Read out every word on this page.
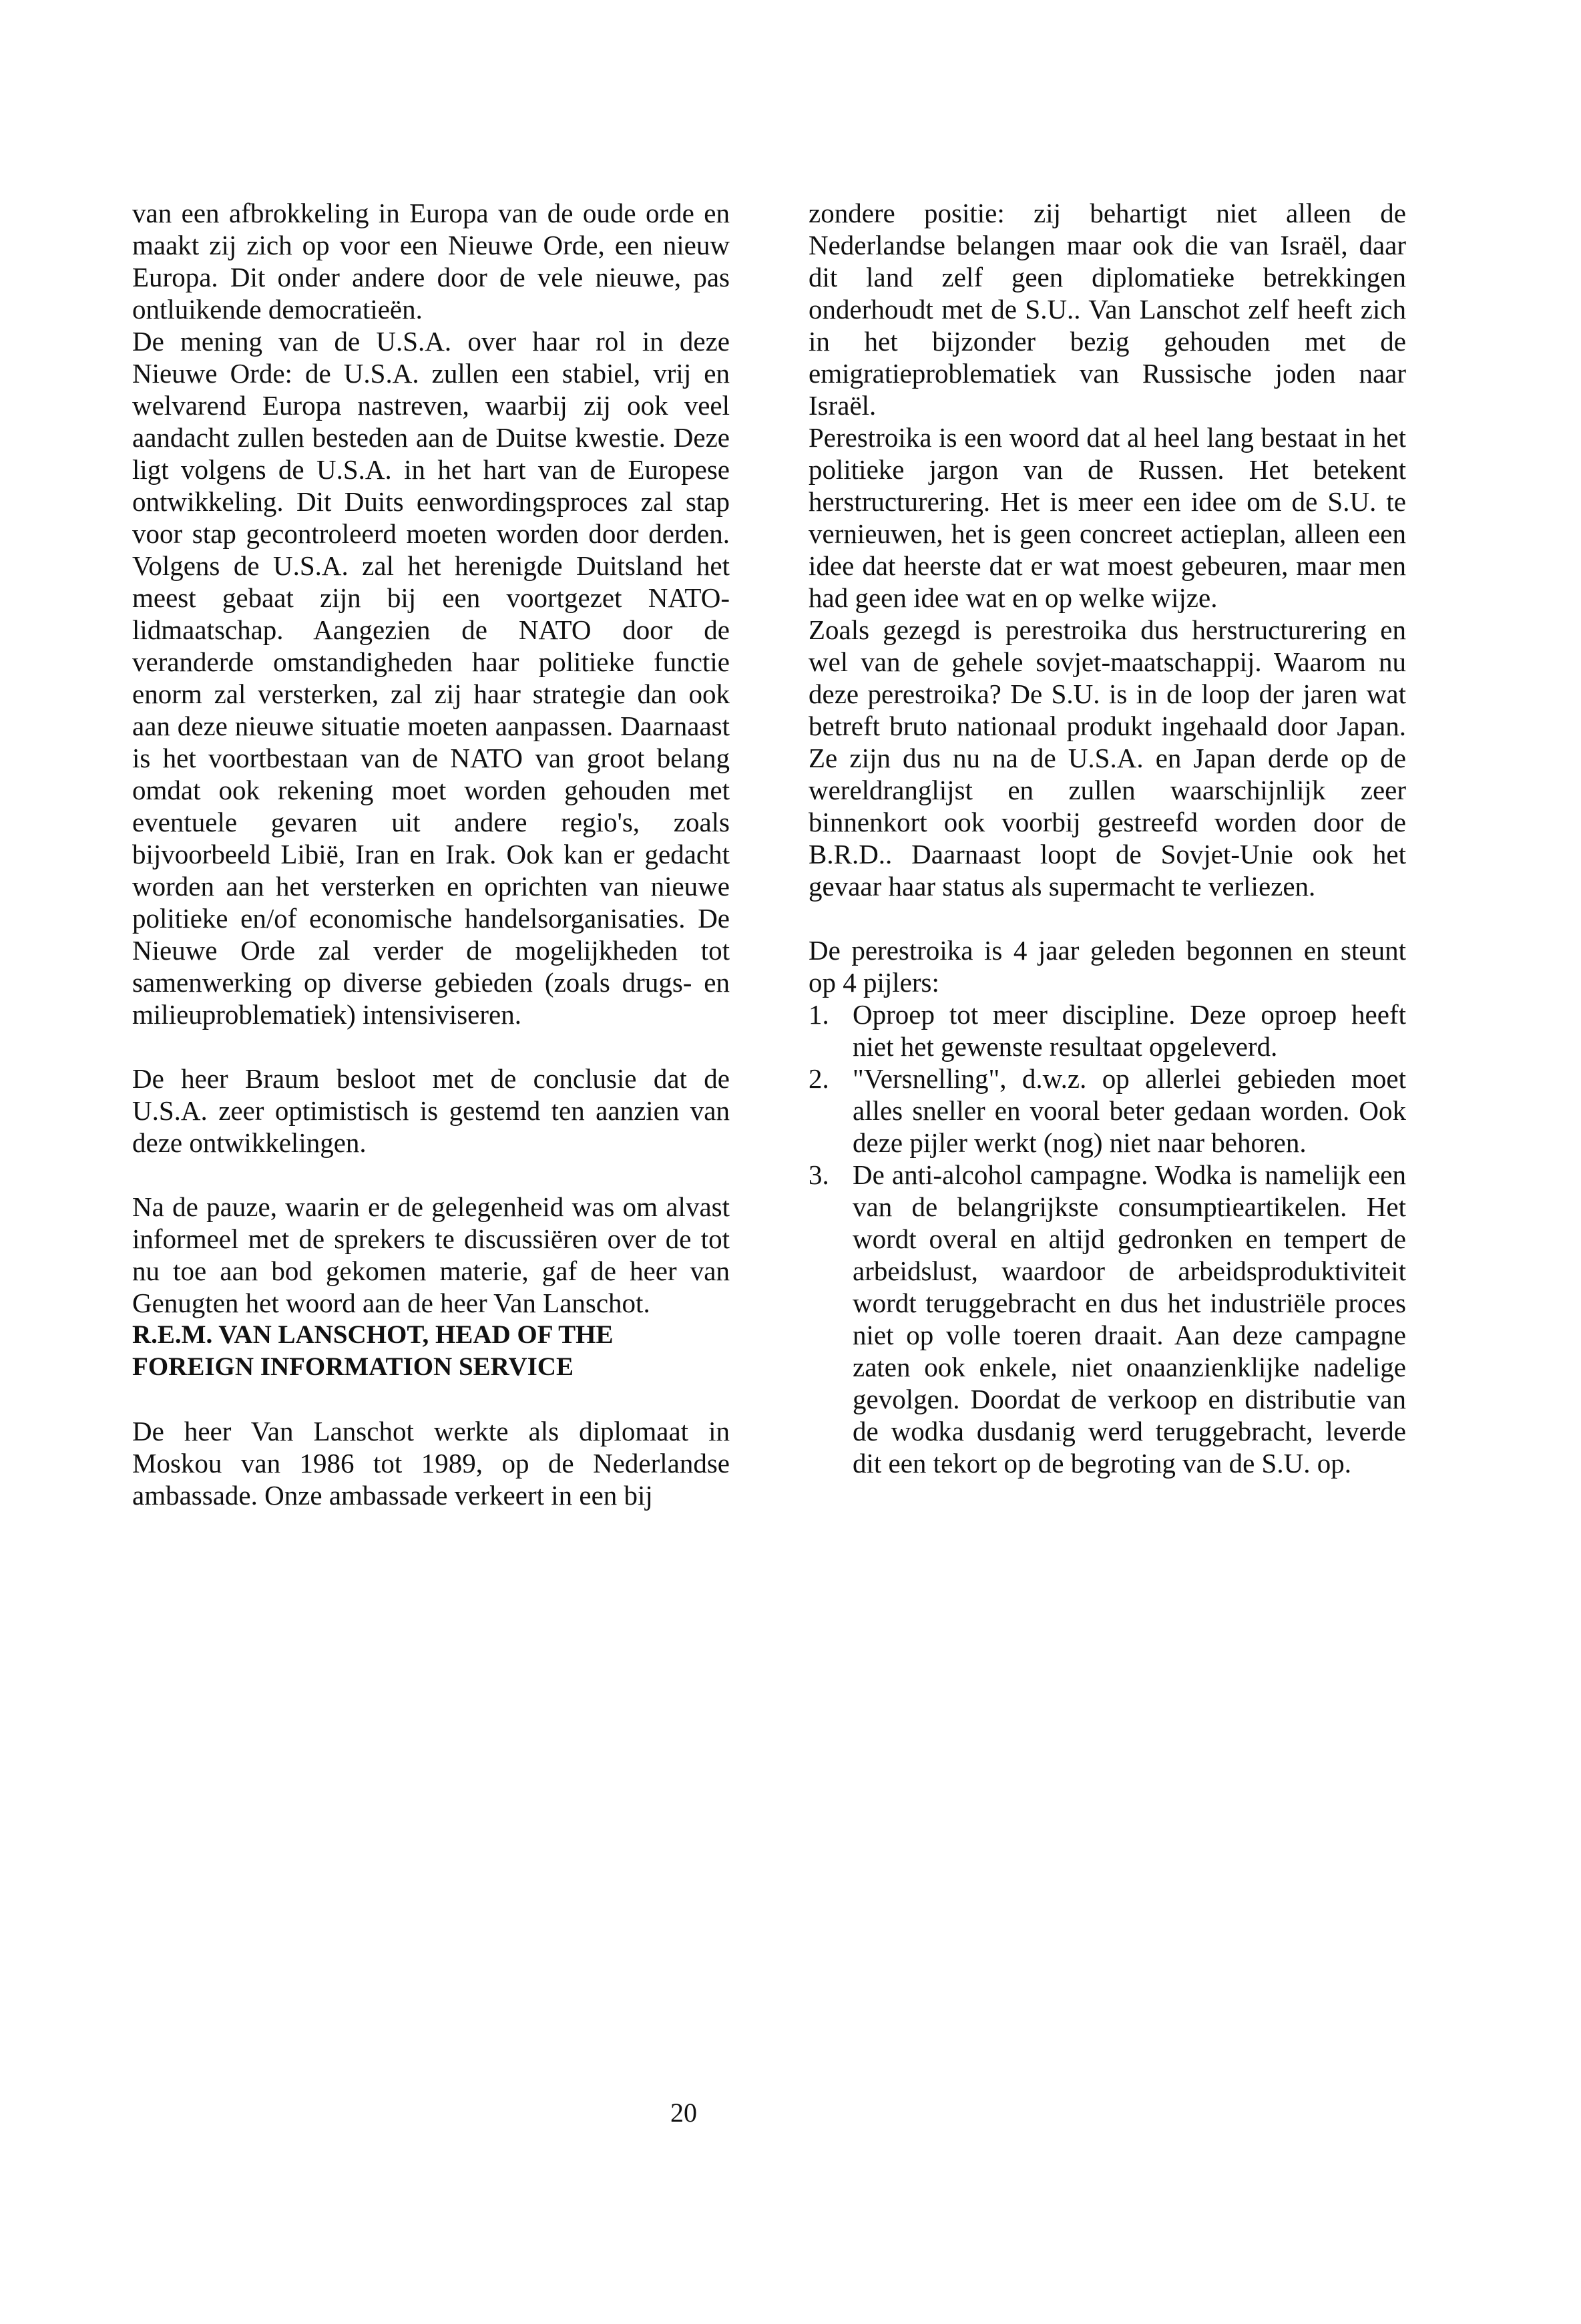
van een afbrokkeling in Europa van de oude orde en maakt zij zich op voor een Nieuwe Orde, een nieuw Europa. Dit onder andere door de vele nieuwe, pas ontluikende democratieën.

De mening van de U.S.A. over haar rol in deze Nieuwe Orde: de U.S.A. zullen een stabiel, vrij en welvarend Europa nastreven, waarbij zij ook veel aandacht zullen besteden aan de Duitse kwestie. Deze ligt volgens de U.S.A. in het hart van de Europese ontwikkeling. Dit Duits eenwordingsproces zal stap voor stap gecontroleerd moeten worden door derden. Volgens de U.S.A. zal het herenigde Duitsland het meest gebaat zijn bij een voortgezet NATO-lidmaatschap. Aangezien de NATO door de veranderde omstandigheden haar politieke functie enorm zal versterken, zal zij haar strategie dan ook aan deze nieuwe situatie moeten aanpassen. Daarnaast is het voortbestaan van de NATO van groot belang omdat ook rekening moet worden gehouden met eventuele gevaren uit andere regio's, zoals bijvoorbeeld Libië, Iran en Irak. Ook kan er gedacht worden aan het versterken en oprichten van nieuwe politieke en/of economische handelsorganisaties. De Nieuwe Orde zal verder de mogelijkheden tot samenwerking op diverse gebieden (zoals drugs- en milieuproblematiek) intensiviseren.

De heer Braum besloot met de conclusie dat de U.S.A. zeer optimistisch is gestemd ten aanzien van deze ontwikkelingen.

Na de pauze, waarin er de gelegenheid was om alvast informeel met de sprekers te discussiëren over de tot nu toe aan bod gekomen materie, gaf de heer van Genugten het woord aan de heer Van Lanschot.

R.E.M. VAN LANSCHOT, HEAD OF THE FOREIGN INFORMATION SERVICE

De heer Van Lanschot werkte als diplomaat in Moskou van 1986 tot 1989, op de Nederlandse ambassade. Onze ambassade verkeert in een bij

zondere positie: zij behartigt niet alleen de Nederlandse belangen maar ook die van Israël, daar dit land zelf geen diplomatieke betrekkingen onderhoudt met de S.U.. Van Lanschot zelf heeft zich in het bijzonder bezig gehouden met de emigratieproblematiek van Russische joden naar Israël.

Perestroika is een woord dat al heel lang bestaat in het politieke jargon van de Russen. Het betekent herstructurering. Het is meer een idee om de S.U. te vernieuwen, het is geen concreet actieplan, alleen een idee dat heerste dat er wat moest gebeuren, maar men had geen idee wat en op welke wijze.

Zoals gezegd is perestroika dus herstructurering en wel van de gehele sovjet-maatschappij. Waarom nu deze perestroika? De S.U. is in de loop der jaren wat betreft bruto nationaal produkt ingehaald door Japan. Ze zijn dus nu na de U.S.A. en Japan derde op de wereldranglijst en zullen waarschijnlijk zeer binnenkort ook voorbij gestreefd worden door de B.R.D.. Daarnaast loopt de Sovjet-Unie ook het gevaar haar status als supermacht te verliezen.

De perestroika is 4 jaar geleden begonnen en steunt op 4 pijlers:

1. Oproep tot meer discipline. Deze oproep heeft niet het gewenste resultaat opgeleverd.
2. "Versnelling", d.w.z. op allerlei gebieden moet alles sneller en vooral beter gedaan worden. Ook deze pijler werkt (nog) niet naar behoren.
3. De anti-alcohol campagne. Wodka is namelijk een van de belangrijkste consumptieartikelen. Het wordt overal en altijd gedronken en tempert de arbeidslust, waardoor de arbeidsproduktiviteit wordt teruggebracht en dus het industriële proces niet op volle toeren draait. Aan deze campagne zaten ook enkele, niet onaanzienklijke nadelige gevolgen. Doordat de verkoop en distributie van de wodka dusdanig werd teruggebracht, leverde dit een tekort op de begroting van de S.U. op.
20
